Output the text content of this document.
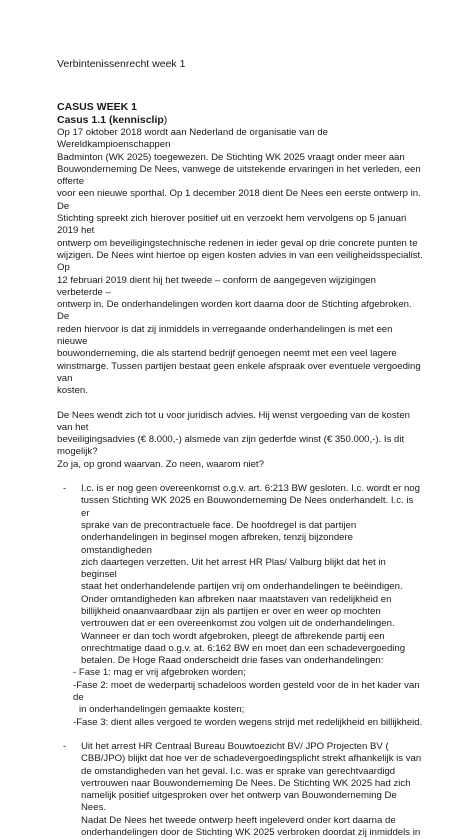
Verbintenissenrecht week 1

CASUS WEEK 1

Casus 1.1 (kennisclip)

Op 17 oktober 2018 wordt aan Nederland de organisatie van de Wereldkampioenschappen

Badminton (WK 2025) toegewezen. De Stichting WK 2025 vraagt onder meer aan

Bouwonderneming De Nees, vanwege de uitstekende ervaringen in het verleden, een offerte

voor een nieuwe sporthal. Op 1 december 2018 dient De Nees een eerste ontwerp in. De

Stichting spreekt zich hierover positief uit en verzoekt hem vervolgens op 5 januari 2019 het

ontwerp om beveiligingstechnische redenen in ieder geval op drie concrete punten te

wijzigen. De Nees wint hiertoe op eigen kosten advies in van een veiligheidsspecialist. Op

12 februari 2019 dient hij het tweede – conform de aangegeven wijzigingen verbeterde –

ontwerp in. De onderhandelingen worden kort daarna door de Stichting afgebroken. De

reden hiervoor is dat zij inmiddels in verregaande onderhandelingen is met een nieuwe

bouwonderneming, die als startend bedrijf genoegen neemt met een veel lagere

winstmarge. Tussen partijen bestaat geen enkele afspraak over eventuele vergoeding van

kosten.

De Nees wendt zich tot u voor juridisch advies. Hij wenst vergoeding van de kosten van het

beveiligingsadvies (€ 8.000,-) alsmede van zijn gederfde winst (€ 350.000,-). Is dit mogelijk?

Zo ja, op grond waarvan. Zo neen, waarom niet?

- I.c. is er nog geen overeenkomst o.g.v. art. 6:213 BW gesloten. I.c. wordt er nog

tussen Stichting WK 2025 en Bouwonderneming De Nees onderhandelt. I.c. is er

sprake van de precontractuele face. De hoofdregel is dat partijen

onderhandelingen in beginsel mogen afbreken, tenzij bijzondere omstandigheden

zich daartegen verzetten. Uit het arrest HR Plas/ Valburg blijkt dat het in beginsel

staat het onderhandelende partijen vrij om onderhandelingen te beëindigen.

Onder omtandigheden kan afbreken naar maatstaven van redelijkheid en

billijkheid onaanvaardbaar zijn als partijen er over en weer op mochten

vertrouwen dat er een overeenkomst zou volgen uit de onderhandelingen.

Wanneer er dan toch wordt afgebroken, pleegt de afbrekende partij een

onrechtmatige daad o.g.v. at. 6:162 BW en moet dan een schadevergoeding

betalen. De Hoge Raad onderscheidt drie fases van onderhandelingen:

- Fase 1: mag er vrij afgebroken worden;

-Fase 2: moet de wederpartij schadeloos worden gesteld voor de in het kader van de

in onderhandelingen gemaakte kosten;

-Fase 3: dient alles vergoed te worden wegens strijd met redelijkheid en billijkheid.

- Uit het arrest HR Centraal Bureau Bouwtoezicht BV/ JPO Projecten BV (

CBB/JPO) blijkt dat hoe ver de schadevergoedingsplicht strekt afhankelijk is van

de omstandigheden van het geval. I.c. was er sprake van gerechtvaardigd

vertrouwen naar Bouwonderneming De Nees. De Stichting WK 2025 had zich

namelijk positief uitgesproken over het ontwerp van Bouwonderneming De Nees.

Nadat De Nees het tweede ontwerp heeft ingeleverd onder kort daarna de

onderhandelingen door de Stichting WK 2025 verbroken doordat zij inmiddels in
